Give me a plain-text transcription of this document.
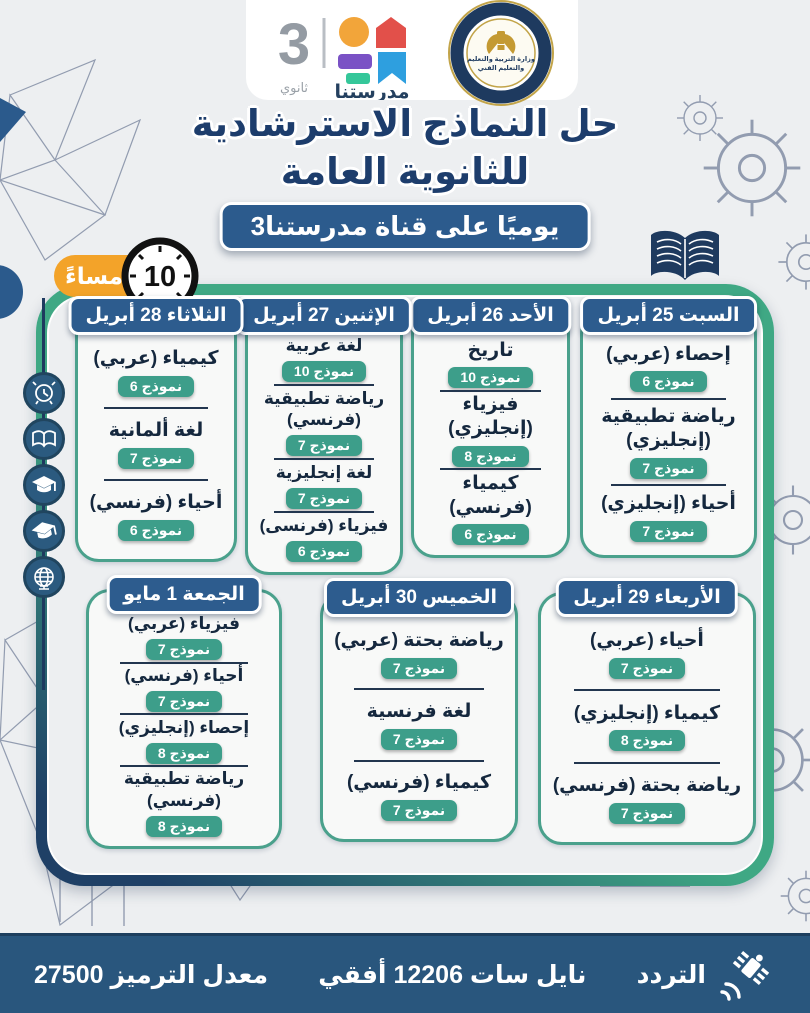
3
مدرستنا
ثانوي
وزارة التربية والتعليم
والتعليم الفني
حل النماذج الاسترشادية
للثانوية العامة
يوميًا على قناة مدرستنا3
مساءً 10
السبت 25 أبريل
إحصاء (عربي)
نموذج 6
رياضة تطبيقية (إنجليزي)
نموذج 7
أحياء (إنجليزي)
نموذج 7
الأحد 26 أبريل
تاريخ
نموذج 10
فيزياء (إنجليزي)
نموذج 8
كيمياء (فرنسي)
نموذج 6
الإثنين 27 أبريل
لغة عربية
نموذج 10
رياضة تطبيقية (فرنسي)
نموذج 7
لغة إنجليزية
نموذج 7
فيزياء (فرنسى)
نموذج 6
الثلاثاء 28 أبريل
كيمياء (عربي)
نموذج 6
لغة ألمانية
نموذج 7
أحياء (فرنسي)
نموذج 6
الأربعاء 29 أبريل
أحياء (عربي)
نموذج 7
كيمياء (إنجليزي)
نموذج 8
رياضة بحتة (فرنسي)
نموذج 7
الخميس 30 أبريل
رياضة بحتة (عربي)
نموذج 7
لغة فرنسية
نموذج 7
كيمياء (فرنسي)
نموذج 7
الجمعة 1 مايو
فيزياء (عربي)
نموذج 7
أحياء (فرنسي)
نموذج 7
إحصاء (إنجليزي)
نموذج 8
رياضة تطبيقية (فرنسي)
نموذج 8
التردد
نايل سات 12206 أفقي
معدل الترميز 27500
